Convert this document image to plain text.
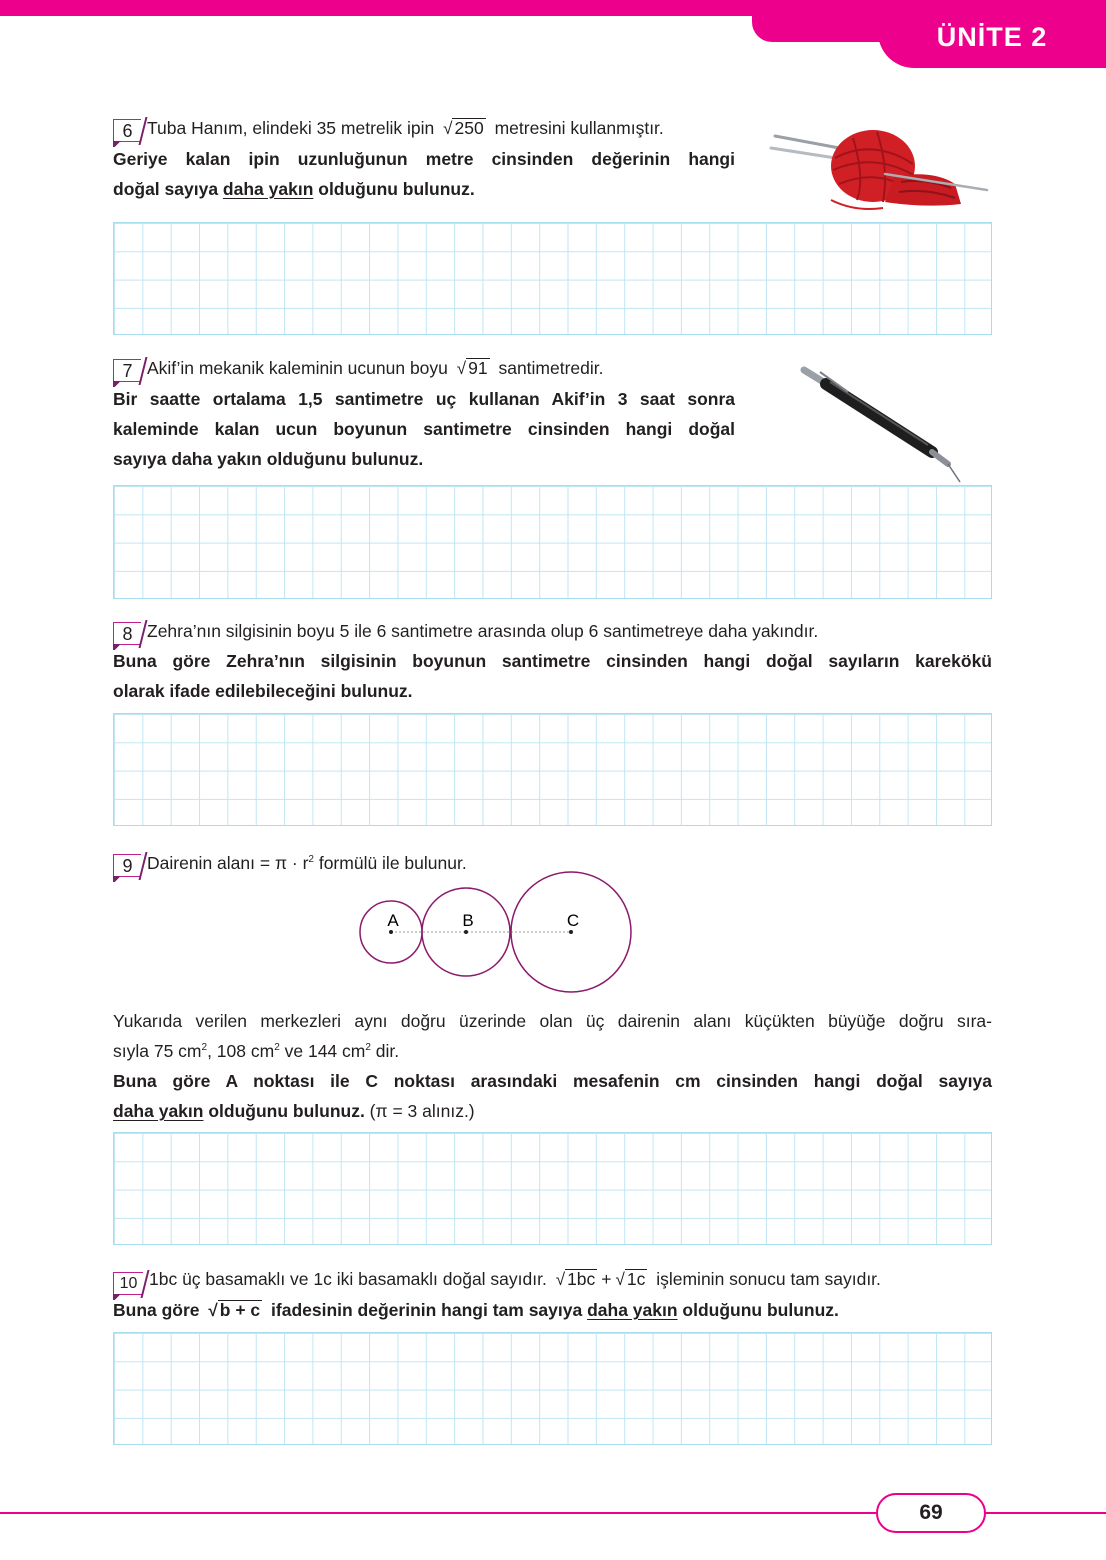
ÜNİTE 2

6 Tuba Hanım, elindeki 35 metrelik ipin √ 250 metresini kullanmıştır.

Geriye kalan ipin uzunluğunun metre cinsinden değerinin hangi

doğal sayıya daha yakın olduğunu bulunuz.

7 Akif’in mekanik kaleminin ucunun boyu √ 91 santimetredir.

Bir saatte ortalama 1,5 santimetre uç kullanan Akif’in 3 saat sonra

kaleminde kalan ucun boyunun santimetre cinsinden hangi doğal

sayıya daha yakın olduğunu bulunuz.

8 Zehra’nın silgisinin boyu 5 ile 6 santimetre arasında olup 6 santimetreye daha yakındır.

Buna göre Zehra’nın silgisinin boyunun santimetre cinsinden hangi doğal sayıların karekökü

olarak ifade edilebileceğini bulunuz.

9 Dairenin alanı = $\pi \cdot r^2$ formülü ile bulunur.

A	B	C

Yukarıda verilen merkezleri aynı doğru üzerinde olan üç dairenin alanı küçükten büyüğe doğru sıra-

sıyla 75 $cm^2$, 108 $cm^2$ ve 144 $cm^2$ dir.

Buna göre A noktası ile C noktası arasındaki mesafenin cm cinsinden hangi doğal sayıya

daha yakın olduğunu bulunuz. (π = 3 alınız.)

10 1bc üç basamaklı ve 1c iki basamaklı doğal sayıdır. √ 1bc + √ 1c işleminin sonucu tam sayıdır.

Buna göre √ b + c ifadesinin değerinin hangi tam sayıya daha yakın olduğunu bulunuz.

69
